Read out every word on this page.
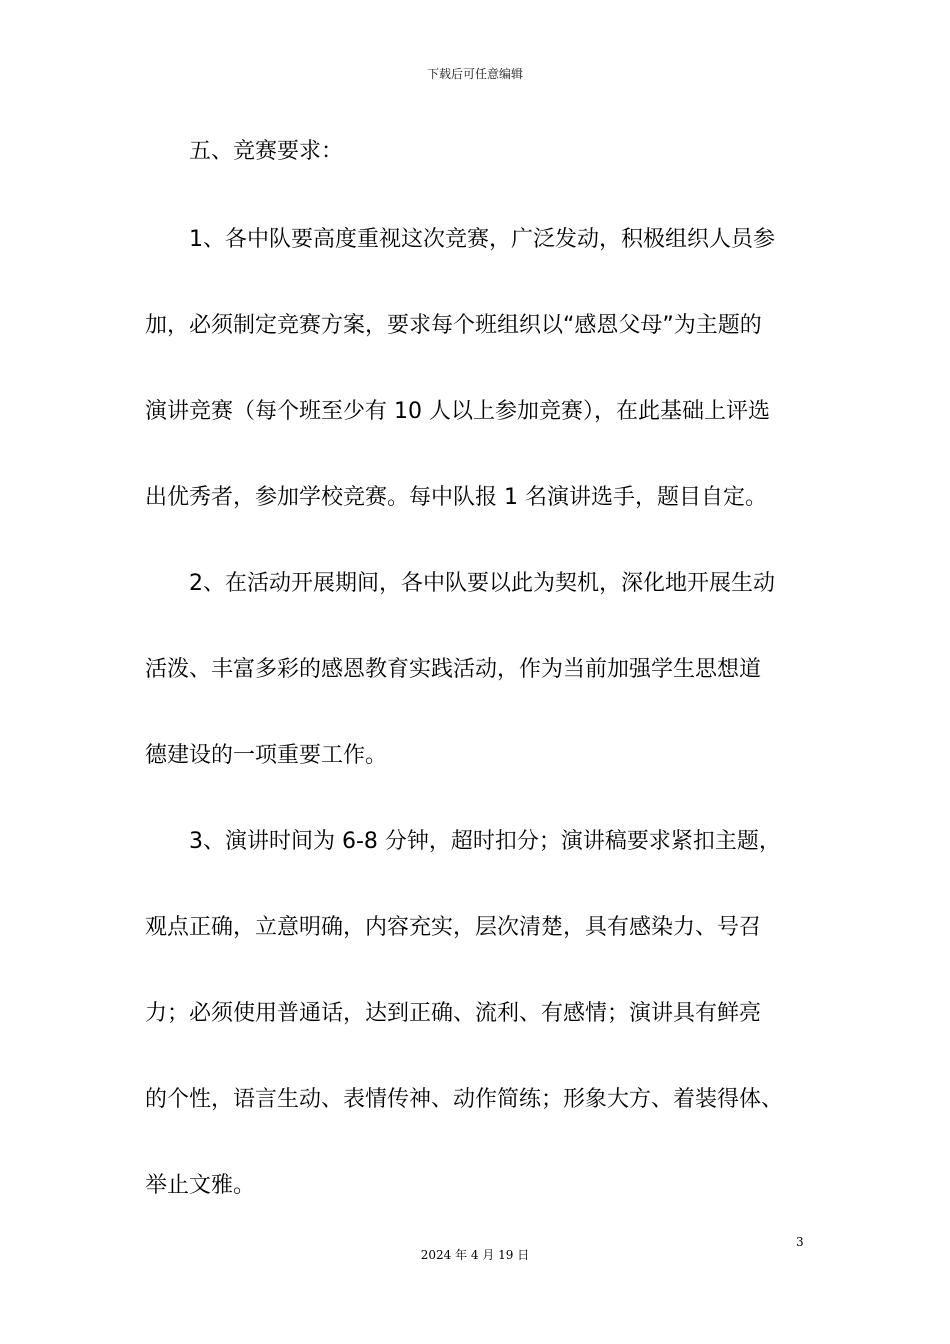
下载后可任意编辑
五、竞赛要求：
1、各中队要高度重视这次竞赛，广泛发动，积极组织人员参
加，必须制定竞赛方案，要求每个班组织以“感恩父母”为主题的
演讲竞赛（每个班至少有 10 人以上参加竞赛），在此基础上评选
出优秀者，参加学校竞赛。每中队报 1 名演讲选手，题目自定。
2、在活动开展期间，各中队要以此为契机，深化地开展生动
活泼、丰富多彩的感恩教育实践活动，作为当前加强学生思想道
德建设的一项重要工作。
3、演讲时间为 6-8 分钟，超时扣分；演讲稿要求紧扣主题，
观点正确，立意明确，内容充实，层次清楚，具有感染力、号召
力；必须使用普通话，达到正确、流利、有感情；演讲具有鲜亮
的个性，语言生动、表情传神、动作简练；形象大方、着装得体、
举止文雅。
3
2024 年 4 月 19 日
